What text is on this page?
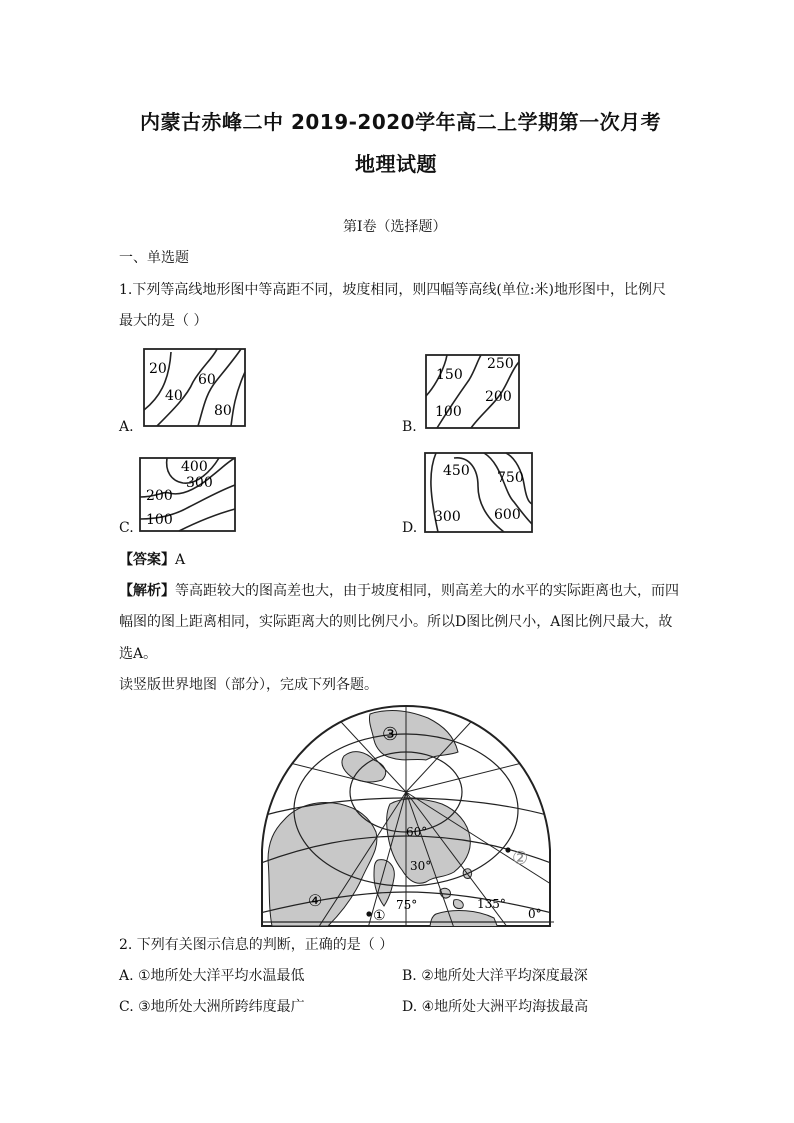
内蒙古赤峰二中 2019-2020学年高二上学期第一次月考
地理试题
第I卷（选择题）
一、单选题
1.下列等高线地形图中等高距不同，坡度相同，则四幅等高线(单位:米)地形图中，比例尺
最大的是（ ）
A.
20
40
60
80
B.
150
250
200
100
C.
400
300
200
100	D.
450 750
300 600
【答案】A
【解析】等高距较大的图高差也大，由于坡度相同，则高差大的水平的实际距离也大，而四
幅图的图上距离相同，实际距离大的则比例尺小。所以D图比例尺小，A图比例尺最大，故
选A。
读竖版世界地图（部分），完成下列各题。
③
②
④
①
60°
30°
75°	135°
0°
2. 下列有关图示信息的判断，正确的是（ ）
A. ①地所处大洋平均水温最低	B. ②地所处大洋平均深度最深
C. ③地所处大洲所跨纬度最广	D. ④地所处大洲平均海拔最高
